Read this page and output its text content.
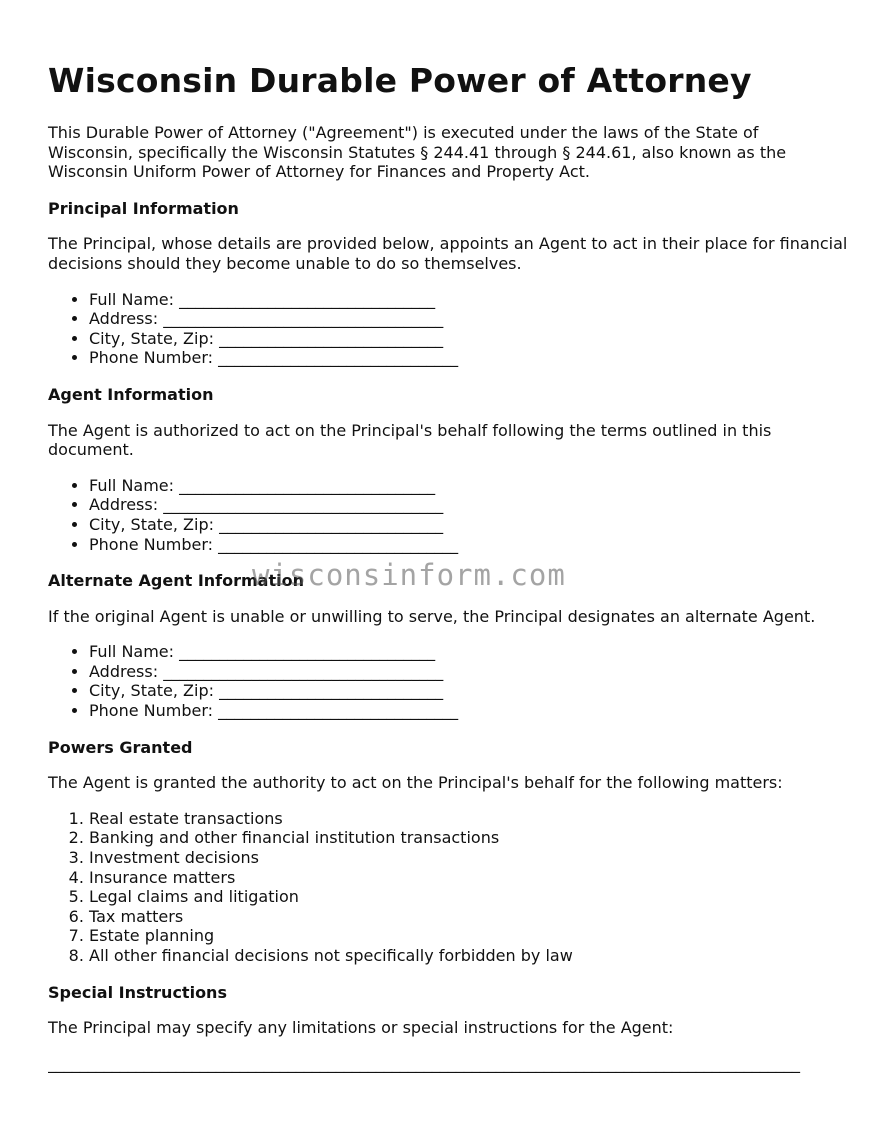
Wisconsin Durable Power of Attorney

This Durable Power of Attorney ("Agreement") is executed under the laws of the State of Wisconsin, specifically the Wisconsin Statutes § 244.41 through § 244.61, also known as the Wisconsin Uniform Power of Attorney for Finances and Property Act.

Principal Information

The Principal, whose details are provided below, appoints an Agent to act in their place for financial decisions should they become unable to do so themselves.

• Full Name: ________________________________
• Address: ___________________________________
• City, State, Zip: ____________________________
• Phone Number: ______________________________
Agent Information

The Agent is authorized to act on the Principal's behalf following the terms outlined in this document.

• Full Name: ________________________________
• Address: ___________________________________
• City, State, Zip: ____________________________
• Phone Number: ______________________________
Alternate Agent Information

If the original Agent is unable or unwilling to serve, the Principal designates an alternate Agent.

• Full Name: ________________________________
• Address: ___________________________________
• City, State, Zip: ____________________________
• Phone Number: ______________________________
Powers Granted

The Agent is granted the authority to act on the Principal's behalf for the following matters:

1. Real estate transactions
2. Banking and other financial institution transactions
3. Investment decisions
4. Insurance matters
5. Legal claims and litigation
6. Tax matters
7. Estate planning
8. All other financial decisions not specifically forbidden by law
Special Instructions

The Principal may specify any limitations or special instructions for the Agent:

______________________________________________________________________________________________
wisconsinform.com
